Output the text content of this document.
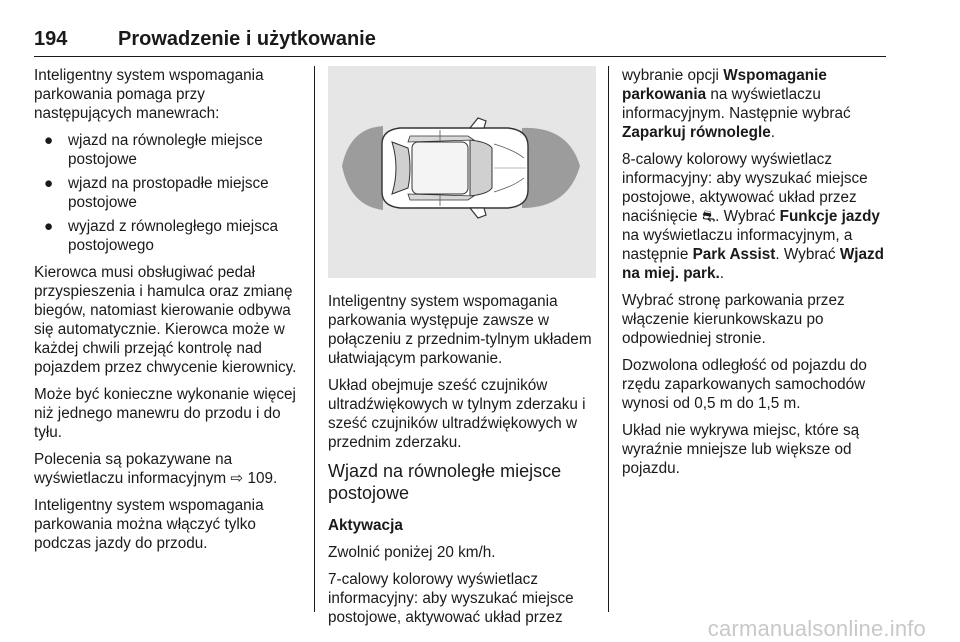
194	Prowadzenie i użytkowanie

Inteligentny system wspomagania parkowania pomaga przy następujących manewrach:

● wjazd na równoległe miejsce postojowe
● wjazd na prostopadłe miejsce postojowe
● wyjazd z równoległego miejsca postojowego

Kierowca musi obsługiwać pedał przyspieszenia i hamulca oraz zmianę biegów, natomiast kierowanie odbywa się automatycznie. Kierowca może w każdej chwili przejąć kontrolę nad pojazdem przez chwycenie kierownicy.

Może być konieczne wykonanie więcej niż jednego manewru do przodu i do tyłu.

Polecenia są pokazywane na wyświetlaczu informacyjnym ⇨ 109.

Inteligentny system wspomagania parkowania można włączyć tylko podczas jazdy do przodu.

Inteligentny system wspomagania parkowania występuje zawsze w połączeniu z przednim-tylnym układem ułatwiającym parkowanie.

Układ obejmuje sześć czujników ultradźwiękowych w tylnym zderzaku i sześć czujników ultradźwiękowych w przednim zderzaku.

Wjazd na równoległe miejsce postojowe

Aktywacja

Zwolnić poniżej 20 km/h.

7-calowy kolorowy wyświetlacz informacyjny: aby wyszukać miejsce postojowe, aktywować układ przez

wybranie opcji Wspomaganie parkowania na wyświetlaczu informacyjnym. Następnie wybrać Zaparkuj równolegle.

8-calowy kolorowy wyświetlacz informacyjny: aby wyszukać miejsce postojowe, aktywować układ przez naciśnięcie ⛐. Wybrać Funkcje jazdy na wyświetlaczu informacyjnym, a następnie Park Assist. Wybrać Wjazd na miej. park..

Wybrać stronę parkowania przez włączenie kierunkowskazu po odpowiedniej stronie.

Dozwolona odległość od pojazdu do rzędu zaparkowanych samochodów wynosi od 0,5 m do 1,5 m.

Układ nie wykrywa miejsc, które są wyraźnie mniejsze lub większe od pojazdu.

carmanualsonline.info
